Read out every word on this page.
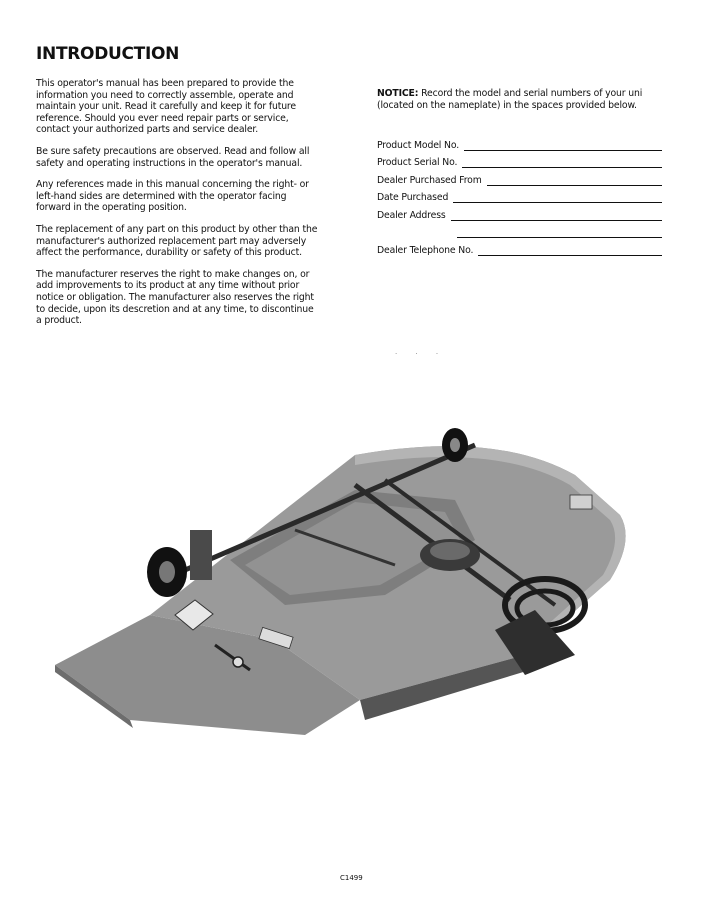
INTRODUCTION

This operator's manual has been prepared to provide the information you need to correctly assemble, operate and maintain your unit. Read it carefully and keep it for future reference. Should you ever need repair parts or service, contact your authorized parts and service dealer.

Be sure safety precautions are observed. Read and follow all safety and operating instructions in the operator's manual.

Any references made in this manual concerning the right- or left-hand sides are determined with the operator facing forward in the operating position.

The replacement of any part on this product by other than the manufacturer's authorized replacement part may adversely affect the performance, durability or safety of this product.

The manufacturer reserves the right to make changes on, or add improvements to its product at any time without prior notice or obligation. The manufacturer also reserves the right to decide, upon its descretion and at any time, to discontinue a product.

NOTICE: Record the model and serial numbers of your uni (located on the nameplate) in the spaces provided below.

Product Model No.
Product Serial No.
Dealer Purchased From
Date Purchased
Dealer Address
Dealer Telephone No.
· · ·
C1499
